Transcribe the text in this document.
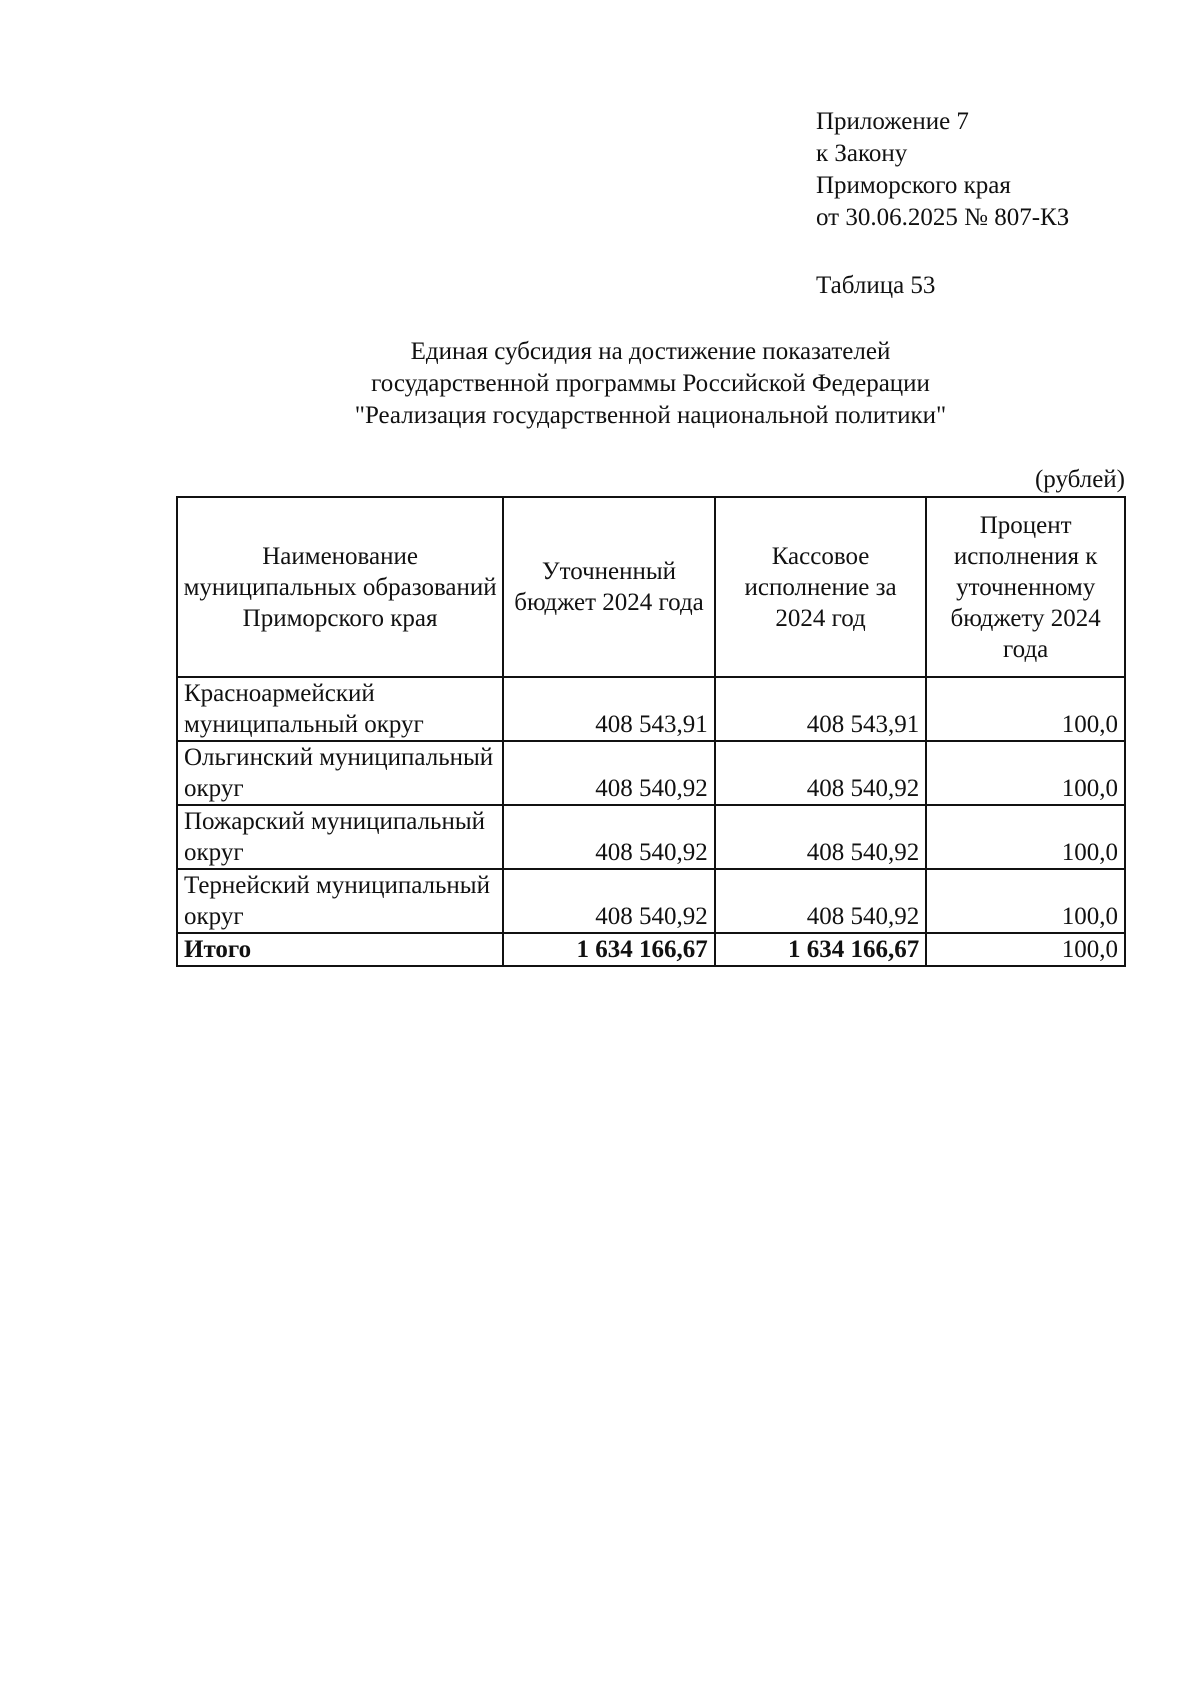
Приложение 7
к Закону
Приморского края
от 30.06.2025 № 807-КЗ
Таблица 53
Единая субсидия на достижение показателей
государственной программы Российской Федерации
"Реализация государственной национальной политики"
(рублей)
Наименование муниципальных образований Приморского края	Уточненный бюджет 2024 года	Кассовое исполнение за 2024 год	Процент исполнения к уточненному бюджету 2024 года
Красноармейский муниципальный округ	408 543,91	408 543,91	100,0
Ольгинский муниципальный округ	408 540,92	408 540,92	100,0
Пожарский муниципальный округ	408 540,92	408 540,92	100,0
Тернейский муниципальный округ	408 540,92	408 540,92	100,0
Итого	1 634 166,67	1 634 166,67	100,0
